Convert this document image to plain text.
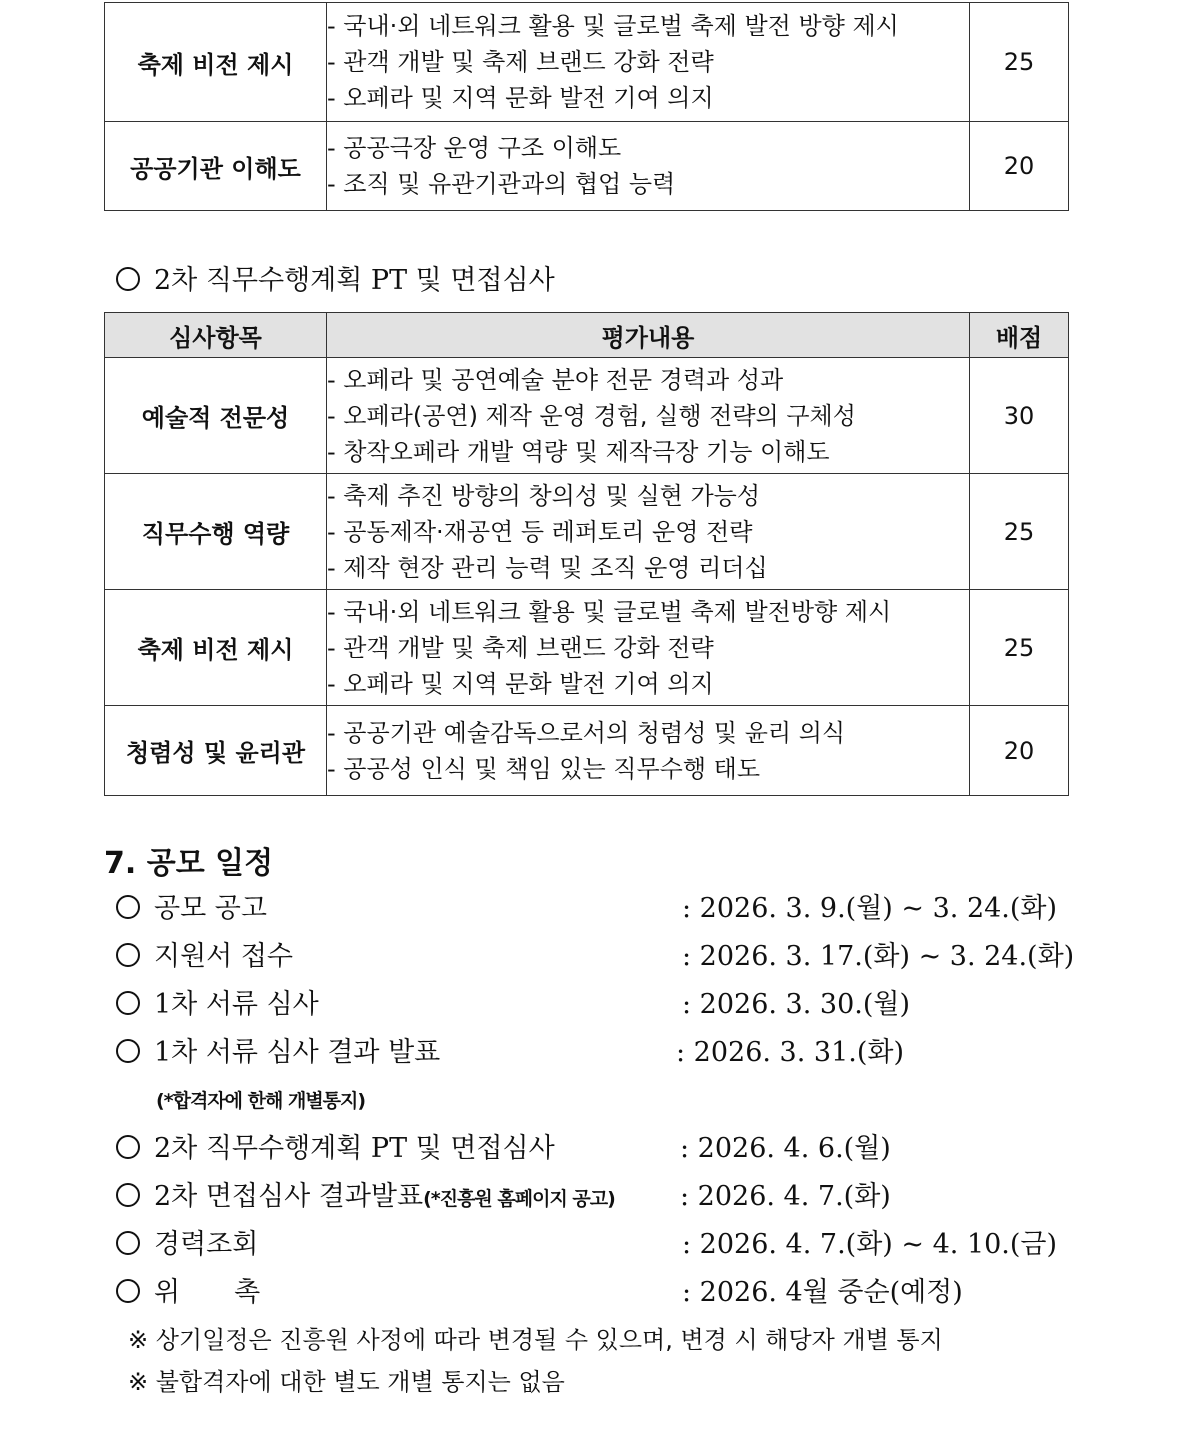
축제 비전 제시	- 국내·외 네트워크 활용 및 글로벌 축제 발전 방향 제시
- 관객 개발 및 축제 브랜드 강화 전략
- 오페라 및 지역 문화 발전 기여 의지	25
공공기관 이해도	- 공공극장 운영 구조 이해도
- 조직 및 유관기관과의 협업 능력	20
2차 직무수행계획 PT 및 면접심사
심사항목	평가내용	배점
예술적 전문성	- 오페라 및 공연예술 분야 전문 경력과 성과
- 오페라(공연) 제작 운영 경험, 실행 전략의 구체성
- 창작오페라 개발 역량 및 제작극장 기능 이해도	30
직무수행 역량	- 축제 추진 방향의 창의성 및 실현 가능성
- 공동제작·재공연 등 레퍼토리 운영 전략
- 제작 현장 관리 능력 및 조직 운영 리더십	25
축제 비전 제시	- 국내·외 네트워크 활용 및 글로벌 축제 발전방향 제시
- 관객 개발 및 축제 브랜드 강화 전략
- 오페라 및 지역 문화 발전 기여 의지	25
청렴성 및 윤리관	- 공공기관 예술감독으로서의 청렴성 및 윤리 의식
- 공공성 인식 및 책임 있는 직무수행 태도	20
7. 공모 일정
공모 공고	: 2026. 3. 9.(월) ~ 3. 24.(화)
지원서 접수	: 2026. 3. 17.(화) ~ 3. 24.(화)
1차 서류 심사	: 2026. 3. 30.(월)
1차 서류 심사 결과 발표	: 2026. 3. 31.(화)
(*합격자에 한해 개별통지)
2차 직무수행계획 PT 및 면접심사	: 2026. 4. 6.(월)
2차 면접심사 결과발표(*진흥원 홈페이지 공고) : 2026. 4. 7.(화)
경력조회	: 2026. 4. 7.(화) ~ 4. 10.(금)
위　　촉	: 2026. 4월 중순(예정)
※ 상기일정은 진흥원 사정에 따라 변경될 수 있으며, 변경 시 해당자 개별 통지
※ 불합격자에 대한 별도 개별 통지는 없음
